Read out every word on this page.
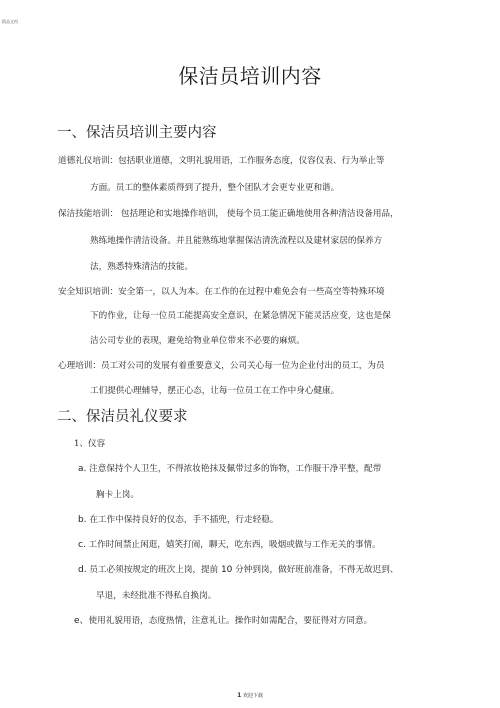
精品文档
保洁员培训内容
一、保洁员培训主要内容

道德礼仪培训：包括职业道德，文明礼貌用语，工作服务态度，仪容仪表、行为举止等

方面。员工的整体素质得到了提升，整个团队才会更专业更和谐。

保洁技能培训： 包括理论和实地操作培训， 使每个员工能正确地使用各种清洁设备用品，

熟练地操作清洁设备。并且能熟练地掌握保洁清洗流程以及建材家居的保养方

法，熟悉特殊清洁的技能。

安全知识培训：安全第一，以人为本。在工作的在过程中难免会有一些高空等特殊环境

下的作业，让每一位员工能提高安全意识，在紧急情况下能灵活应变，这也是保

洁公司专业的表现，避免给物业单位带来不必要的麻烦。

心理培训：员工对公司的发展有着重要意义，公司关心每一位为企业付出的员工，为员

工们提供心理辅导，摆正心态，让每一位员工在工作中身心健康。

二、保洁员礼仪要求

1、仪容

a. 注意保持个人卫生，不得浓妆艳抹及佩带过多的饰物，工作服干净平整，配带

胸卡上岗。

b. 在工作中保持良好的仪态，手不插兜，行走轻稳。

c. 工作时间禁止闲逛，嬉笑打闹，聊天，吃东西，吸烟或做与工作无关的事情。

d. 员工必须按规定的班次上岗，提前 10 分钟到岗，做好班前准备，不得无故迟到、

早退，未经批准不得私自换岗。

e、使用礼貌用语，态度热情，注意礼让。操作时如需配合，要征得对方同意。

1 欢迎下载
